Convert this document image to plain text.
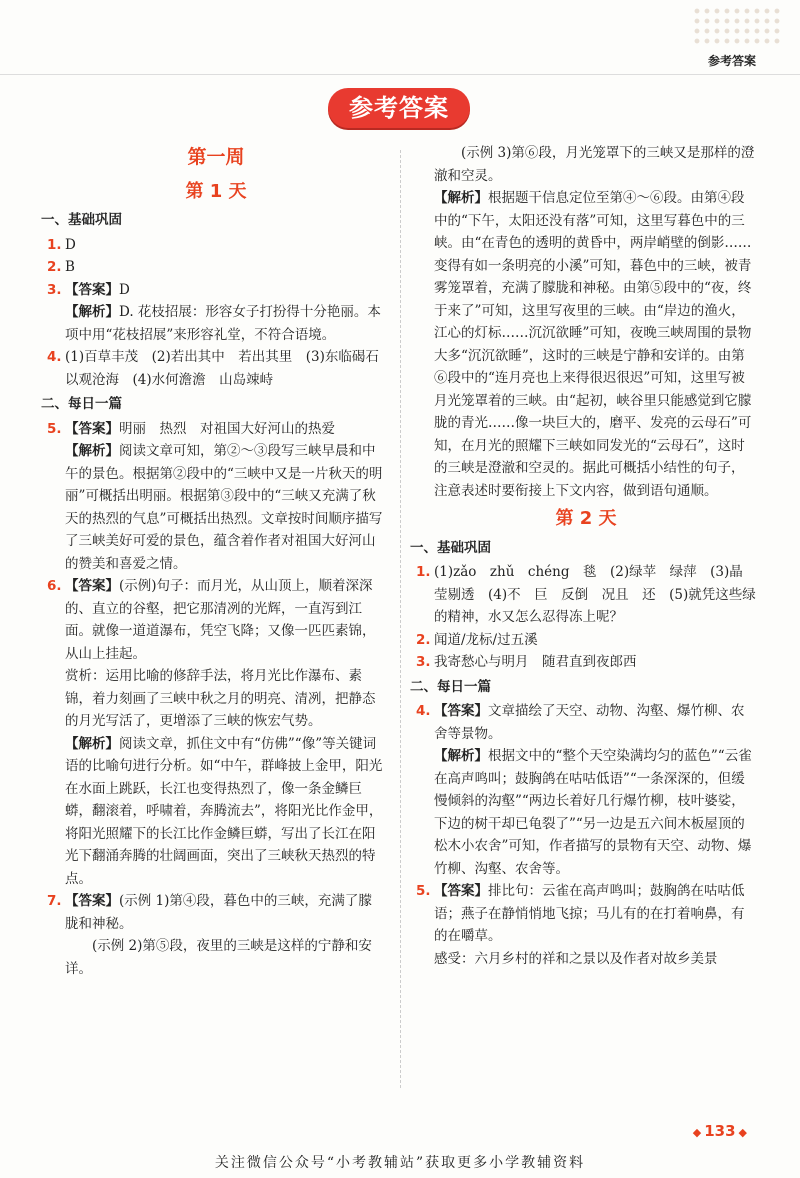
参考答案
参考答案
第一周
第 1 天
一、基础巩固
1. D
2. B
3. 【答案】D
【解析】D. 花枝招展：形容女子打扮得十分艳丽。本项中用“花枝招展”来形容礼堂，不符合语境。
4. (1)百草丰茂　(2)若出其中　若出其里　(3)东临碣石　以观沧海　(4)水何澹澹　山岛竦峙
二、每日一篇
5. 【答案】明丽　热烈　对祖国大好河山的热爱
【解析】阅读文章可知，第②～③段写三峡早晨和中午的景色。根据第②段中的“三峡中又是一片秋天的明丽”可概括出明丽。根据第③段中的“三峡又充满了秋天的热烈的气息”可概括出热烈。文章按时间顺序描写了三峡美好可爱的景色，蕴含着作者对祖国大好河山的赞美和喜爱之情。
6. 【答案】(示例)句子：而月光，从山顶上，顺着深深的、直立的谷壑，把它那清冽的光辉，一直泻到江面。就像一道道瀑布，凭空飞降；又像一匹匹素锦，从山上挂起。
赏析：运用比喻的修辞手法，将月光比作瀑布、素锦，着力刻画了三峡中秋之月的明亮、清冽，把静态的月光写活了，更增添了三峡的恢宏气势。
【解析】阅读文章，抓住文中有“仿佛”“像”等关键词语的比喻句进行分析。如“中午，群峰披上金甲，阳光在水面上跳跃，长江也变得热烈了，像一条金鳞巨蟒，翻滚着，呼啸着，奔腾流去”，将阳光比作金甲，将阳光照耀下的长江比作金鳞巨蟒，写出了长江在阳光下翻涌奔腾的壮阔画面，突出了三峡秋天热烈的特点。
7. 【答案】(示例 1)第④段，暮色中的三峡，充满了朦胧和神秘。
(示例 2)第⑤段，夜里的三峡是这样的宁静和安详。
(示例 3)第⑥段，月光笼罩下的三峡又是那样的澄澈和空灵。
【解析】根据题干信息定位至第④～⑥段。由第④段中的“下午，太阳还没有落”可知，这里写暮色中的三峡。由“在青色的透明的黄昏中，两岸峭壁的倒影……变得有如一条明亮的小溪”可知，暮色中的三峡，被青雾笼罩着，充满了朦胧和神秘。由第⑤段中的“夜，终于来了”可知，这里写夜里的三峡。由“岸边的渔火，江心的灯标……沉沉欲睡”可知，夜晚三峡周围的景物大多“沉沉欲睡”，这时的三峡是宁静和安详的。由第⑥段中的“连月亮也上来得很迟很迟”可知，这里写被月光笼罩着的三峡。由“起初，峡谷里只能感觉到它朦胧的青光……像一块巨大的，磨平、发亮的云母石”可知，在月光的照耀下三峡如同发光的“云母石”，这时的三峡是澄澈和空灵的。据此可概括小结性的句子，注意表述时要衔接上下文内容，做到语句通顺。
第 2 天
一、基础巩固
1. (1)zǎo　zhǔ　chéng　毯　(2)绿苹　绿萍　(3)晶莹剔透　(4)不　巨　反倒　况且　还　(5)就凭这些绿的精神，水又怎么忍得冻上呢？
2. 闻道/龙标/过五溪
3. 我寄愁心与明月　随君直到夜郎西
二、每日一篇
4. 【答案】文章描绘了天空、动物、沟壑、爆竹柳、农舍等景物。
【解析】根据文中的“整个天空染满均匀的蓝色”“云雀在高声鸣叫；鼓胸鸽在咕咕低语”“一条深深的，但缓慢倾斜的沟壑”“两边长着好几行爆竹柳，枝叶婆娑，下边的树干却已龟裂了”“另一边是五六间木板屋顶的松木小农舍”可知，作者描写的景物有天空、动物、爆竹柳、沟壑、农舍等。
5. 【答案】排比句：云雀在高声鸣叫；鼓胸鸽在咕咕低语；燕子在静悄悄地飞掠；马儿有的在打着响鼻，有的在嚼草。
感受：六月乡村的祥和之景以及作者对故乡美景
◆ 133 ◆
关注微信公众号“小考教辅站”获取更多小学教辅资料
